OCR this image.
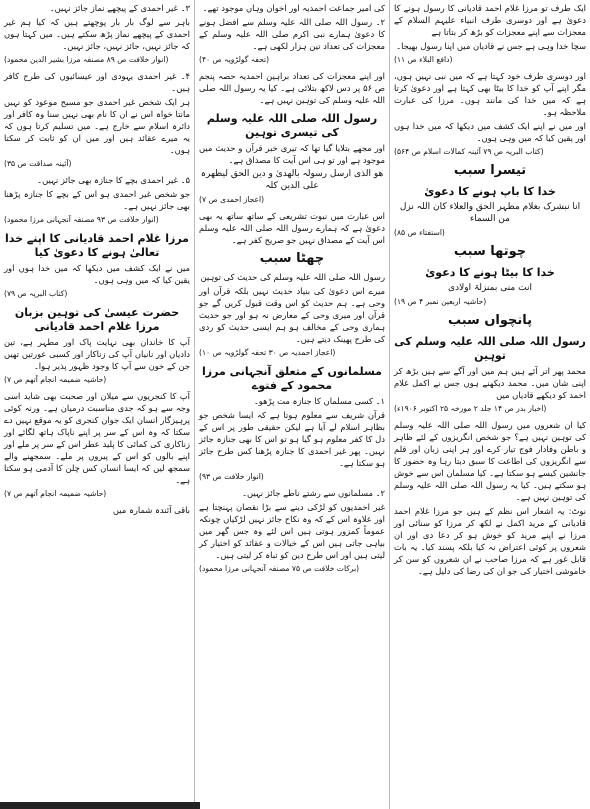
ایک طرف تو مرزا غلام احمد قادیانی کا رسول ہونے کا دعویٰ ہے اور دوسری طرف انبیاء علیہم السلام کے معجزات سے اپنے معجزات کو بڑھ کر بتاتا ہے

سچا خدا وہی ہے جس نے قادیان میں اپنا رسول بھیجا۔

(دافع البلاء ص ۱۱)

اور دوسری طرف خود کہتا ہے کہ میں نبی نہیں ہوں، مگر اپنے آپ کو خدا کا بیٹا بھی کہتا ہے اور دعویٰ کرتا ہے کہ میں خدا کی مانند ہوں۔ مرزا کی عبارت ملاحظہ ہو۔

اور میں نے اپنے ایک کشف میں دیکھا کہ میں خدا ہوں اور یقین کیا کہ میں وہی ہوں۔

(کتاب البریہ ص ۷۹ آئینہ کمالات اسلام ص ۵۶۴)

تیسرا سبب
خدا کا باپ ہونے کا دعویٰ

انا نبشرک بغلام مظہر الحق والعلاء کان اللہ نزل من السماء

(استفتاء ص ۸۵)

چوتھا سبب
خدا کا بیٹا ہونے کا دعویٰ

انت منی بمنزلۃ اولادی

(حاشیہ اربعین نمبر ۴ ص ۱۹)

پانچواں سبب
رسول اللہ صلی اللہ علیہ وسلم کی توہین

محمد پھر اتر آئے ہیں ہم میں اور آگے سے ہیں بڑھ کر اپنی شان میں۔ محمد دیکھنے ہوں جس نے اکمل غلام احمد کو دیکھے قادیاں میں

(اخبار بدر ص ۱۴ جلد ۲ مورخہ ۲۵ اکتوبر ۱۹۰۶ء)

کیا ان شعروں میں رسول اللہ صلی اللہ علیہ وسلم کی توہین نہیں ہے؟ جو شخص انگریزوں کے لئے ظاہر و باطن وفادار فوج تیار کرے اور ہر اپنی زبان اور قلم سے انگریزوں کی اطاعت کا سبق دیتا رہا وہ حضور کا جانشین کیسے ہو سکتا ہے۔ کیا مسلمان اس سے خوش ہو سکتے ہیں۔ کیا یہ رسول اللہ صلی اللہ علیہ وسلم کی توہین نہیں ہے۔

نوٹ: یہ اشعار اس نظم کے ہیں جو مرزا غلام احمد قادیانی کے مرید اکمل نے لکھ کر مرزا کو سنائی اور مرزا نے اپنے مرید کو خوش ہو کر دعا دی اور ان شعروں پر کوئی اعتراض نہ کیا بلکہ پسند کیا۔ یہ بات قابل غور ہے کہ مرزا صاحب نے ان شعروں کو سن کر خاموشی اختیار کی جو ان کی رضا کی دلیل ہے۔

کی امیر جماعت احمدیہ اور اخوان وہاں موجود تھے۔

۲۔ رسول اللہ صلی اللہ علیہ وسلم سے افضل ہونے کا دعویٰ ہمارے نبی اکرم صلی اللہ علیہ وسلم کے معجزات کی تعداد تین ہزار لکھی ہے۔

(تحفہ گولڑویہ ص ۴۰)

اور اپنے معجزات کی تعداد براہین احمدیہ حصہ پنجم ص ۵۶ پر دس لاکھ بتلائی ہے۔ کیا یہ رسول اللہ صلی اللہ علیہ وسلم کی توہین نہیں ہے۔

رسول اللہ صلی اللہ علیہ وسلم کی تیسری توہین

اور مجھے بتلایا گیا تھا کہ تیری خبر قرآن و حدیث میں موجود ہے اور تو ہی اس آیت کا مصداق ہے۔

ھو الذی ارسل رسولہ بالھدیٰ و دین الحق لیظھرہ علی الدین کلہ

(اعجاز احمدی ص ۷)

اس عبارت میں نبوت تشریعی کے ساتھ ساتھ یہ بھی دعویٰ ہے کہ ہمارے رسول اللہ صلی اللہ علیہ وسلم اس آیت کے مصداق نہیں جو صریح کفر ہے۔

چھٹا سبب

رسول اللہ صلی اللہ علیہ وسلم کی حدیث کی توہین

میرے اس دعویٰ کی بنیاد حدیث نہیں بلکہ قرآن اور وحی ہے۔ ہم حدیث کو اس وقت قبول کریں گے جو قرآن اور میری وحی کے معارض نہ ہو اور جو حدیث ہماری وحی کے مخالف ہو ہم ایسی حدیث کو ردی کی طرح پھینک دیتے ہیں۔

(اعجاز احمدیہ ص ۳۰ تحفہ گولڑویہ ص ۱۰)

مسلمانوں کے متعلق آنجہانی مرزا محمود کے فتوے

۱۔ کسی مسلمان کا جنازہ مت پڑھو۔

قرآن شریف سے معلوم ہوتا ہے کہ ایسا شخص جو بظاہر اسلام لے آیا ہے لیکن حقیقی طور پر اس کے دل کا کفر معلوم ہو گیا ہو تو اس کا بھی جنازہ جائز نہیں۔ پھر غیر احمدی کا جنازہ پڑھنا کس طرح جائز ہو سکتا ہے۔

(انوار خلافت ص ۹۳)

۲۔ مسلمانوں سے رشتے ناطے جائز نہیں۔

غیر احمدیوں کو لڑکی دینے سے بڑا نقصان پہنچتا ہے اور علاوہ اس کے کہ وہ نکاح جائز نہیں لڑکیاں چونکہ عموماً کمزور ہوتی ہیں اس لئے وہ جس گھر میں بیاہی جاتی ہیں اس کے خیالات و عقائد کو اختیار کر لیتی ہیں اور اس طرح دین کو تباہ کر لیتی ہیں۔

(برکات خلافت ص ۷۵ مصنفہ آنجہانی مرزا محمود)

۳۔ غیر احمدی کے پیچھے نماز جائز نہیں۔

باہر سے لوگ بار بار پوچھتے ہیں کہ کیا ہم غیر احمدی کے پیچھے نماز پڑھ سکتے ہیں۔ میں کہتا ہوں کہ جائز نہیں، جائز نہیں، جائز نہیں۔

(انوار خلافت ص ۸۹ مصنفہ مرزا بشیر الدین محمود)

۴۔ غیر احمدی یہودی اور عیسائیوں کی طرح کافر ہیں۔

ہر ایک شخص غیر احمدی جو مسیح موعود کو نہیں مانتا خواہ اس نے ان کا نام بھی نہیں سنا وہ کافر اور دائرہ اسلام سے خارج ہے۔ میں تسلیم کرتا ہوں کہ یہ میرے عقائد ہیں اور میں ان کو ثابت کر سکتا ہوں۔

(آئینہ صداقت ص ۳۵)

۵۔ غیر احمدی بچے کا جنازہ بھی جائز نہیں۔

جو شخص غیر احمدی ہو اس کے بچے کا جنازہ پڑھنا بھی جائز نہیں ہے۔

(انوار خلافت ص ۹۳ مصنفہ آنجہانی مرزا محمود)

مرزا غلام احمد قادیانی کا اپنے خدا تعالیٰ ہونے کا دعویٰ کیا

میں نے ایک کشف میں دیکھا کہ میں خدا ہوں اور یقین کیا کہ میں وہی ہوں۔

(کتاب البریہ ص ۷۹)

حضرت عیسیٰ کی توہین بزبان مرزا غلام احمد قادیانی

آپ کا خاندان بھی نہایت پاک اور مطہر ہے، تین دادیاں اور نانیاں آپ کی زناکار اور کسبی عورتیں تھیں جن کے خون سے آپ کا وجود ظہور پذیر ہوا۔

(حاشیہ ضمیمہ انجام آتھم ص ۷)

آپ کا کنجریوں سے میلان اور صحبت بھی شاید اسی وجہ سے ہو کہ جدی مناسبت درمیان ہے۔ ورنہ کوئی پرہیزگار انسان ایک جوان کنجری کو یہ موقع نہیں دے سکتا کہ وہ اس کے سر پر اپنے ناپاک ہاتھ لگائے اور زناکاری کی کمائی کا پلید عطر اس کے سر پر ملے اور اپنے بالوں کو اس کے پیروں پر ملے۔ سمجھنے والے سمجھ لیں کہ ایسا انسان کس چلن کا آدمی ہو سکتا ہے۔

(حاشیہ ضمیمہ انجام آتھم ص ۷)

باقی آئندہ شمارہ میں
